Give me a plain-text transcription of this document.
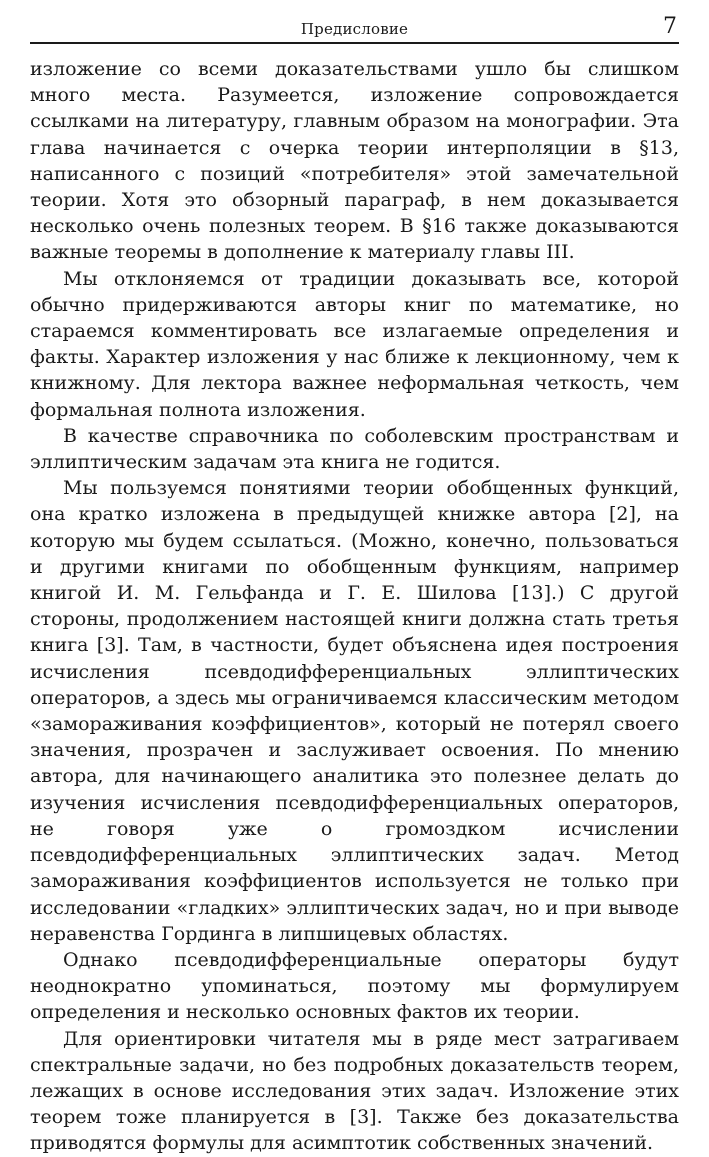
Предисловие	7

изложение со всеми доказательствами ушло бы слишком много места. Разумеется, изложение сопровождается ссылками на литературу, главным образом на монографии. Эта глава начинается с очерка теории интерполяции в §13, написанного с позиций «потребителя» этой замечательной теории. Хотя это обзорный параграф, в нем доказывается несколько очень полезных теорем. В §16 также доказываются важные теоремы в дополнение к материалу главы III.

Мы отклоняемся от традиции доказывать все, которой обычно придерживаются авторы книг по математике, но стараемся комментировать все излагаемые определения и факты. Характер изложения у нас ближе к лекционному, чем к книжному. Для лектора важнее неформальная четкость, чем формальная полнота изложения.

В качестве справочника по соболевским пространствам и эллиптическим задачам эта книга не годится.

Мы пользуемся понятиями теории обобщенных функций, она кратко изложена в предыдущей книжке автора [2], на которую мы будем ссылаться. (Можно, конечно, пользоваться и другими книгами по обобщенным функциям, например книгой И. М. Гельфанда и Г. Е. Шилова [13].) С другой стороны, продолжением настоящей книги должна стать третья книга [3]. Там, в частности, будет объяснена идея построения исчисления псевдодифференциальных эллиптических операторов, а здесь мы ограничиваемся классическим методом «замораживания коэффициентов», который не потерял своего значения, прозрачен и заслуживает освоения. По мнению автора, для начинающего аналитика это полезнее делать до изучения исчисления псевдодифференциальных операторов, не говоря уже о громоздком исчислении псевдодифференциальных эллиптических задач. Метод замораживания коэффициентов используется не только при исследовании «гладких» эллиптических задач, но и при выводе неравенства Гординга в липшицевых областях.

Однако псевдодифференциальные операторы будут неоднократно упоминаться, поэтому мы формулируем определения и несколько основных фактов их теории.

Для ориентировки читателя мы в ряде мест затрагиваем спектральные задачи, но без подробных доказательств теорем, лежащих в основе исследования этих задач. Изложение этих теорем тоже планируется в [3]. Также без доказательства приводятся формулы для асимптотик собственных значений.
